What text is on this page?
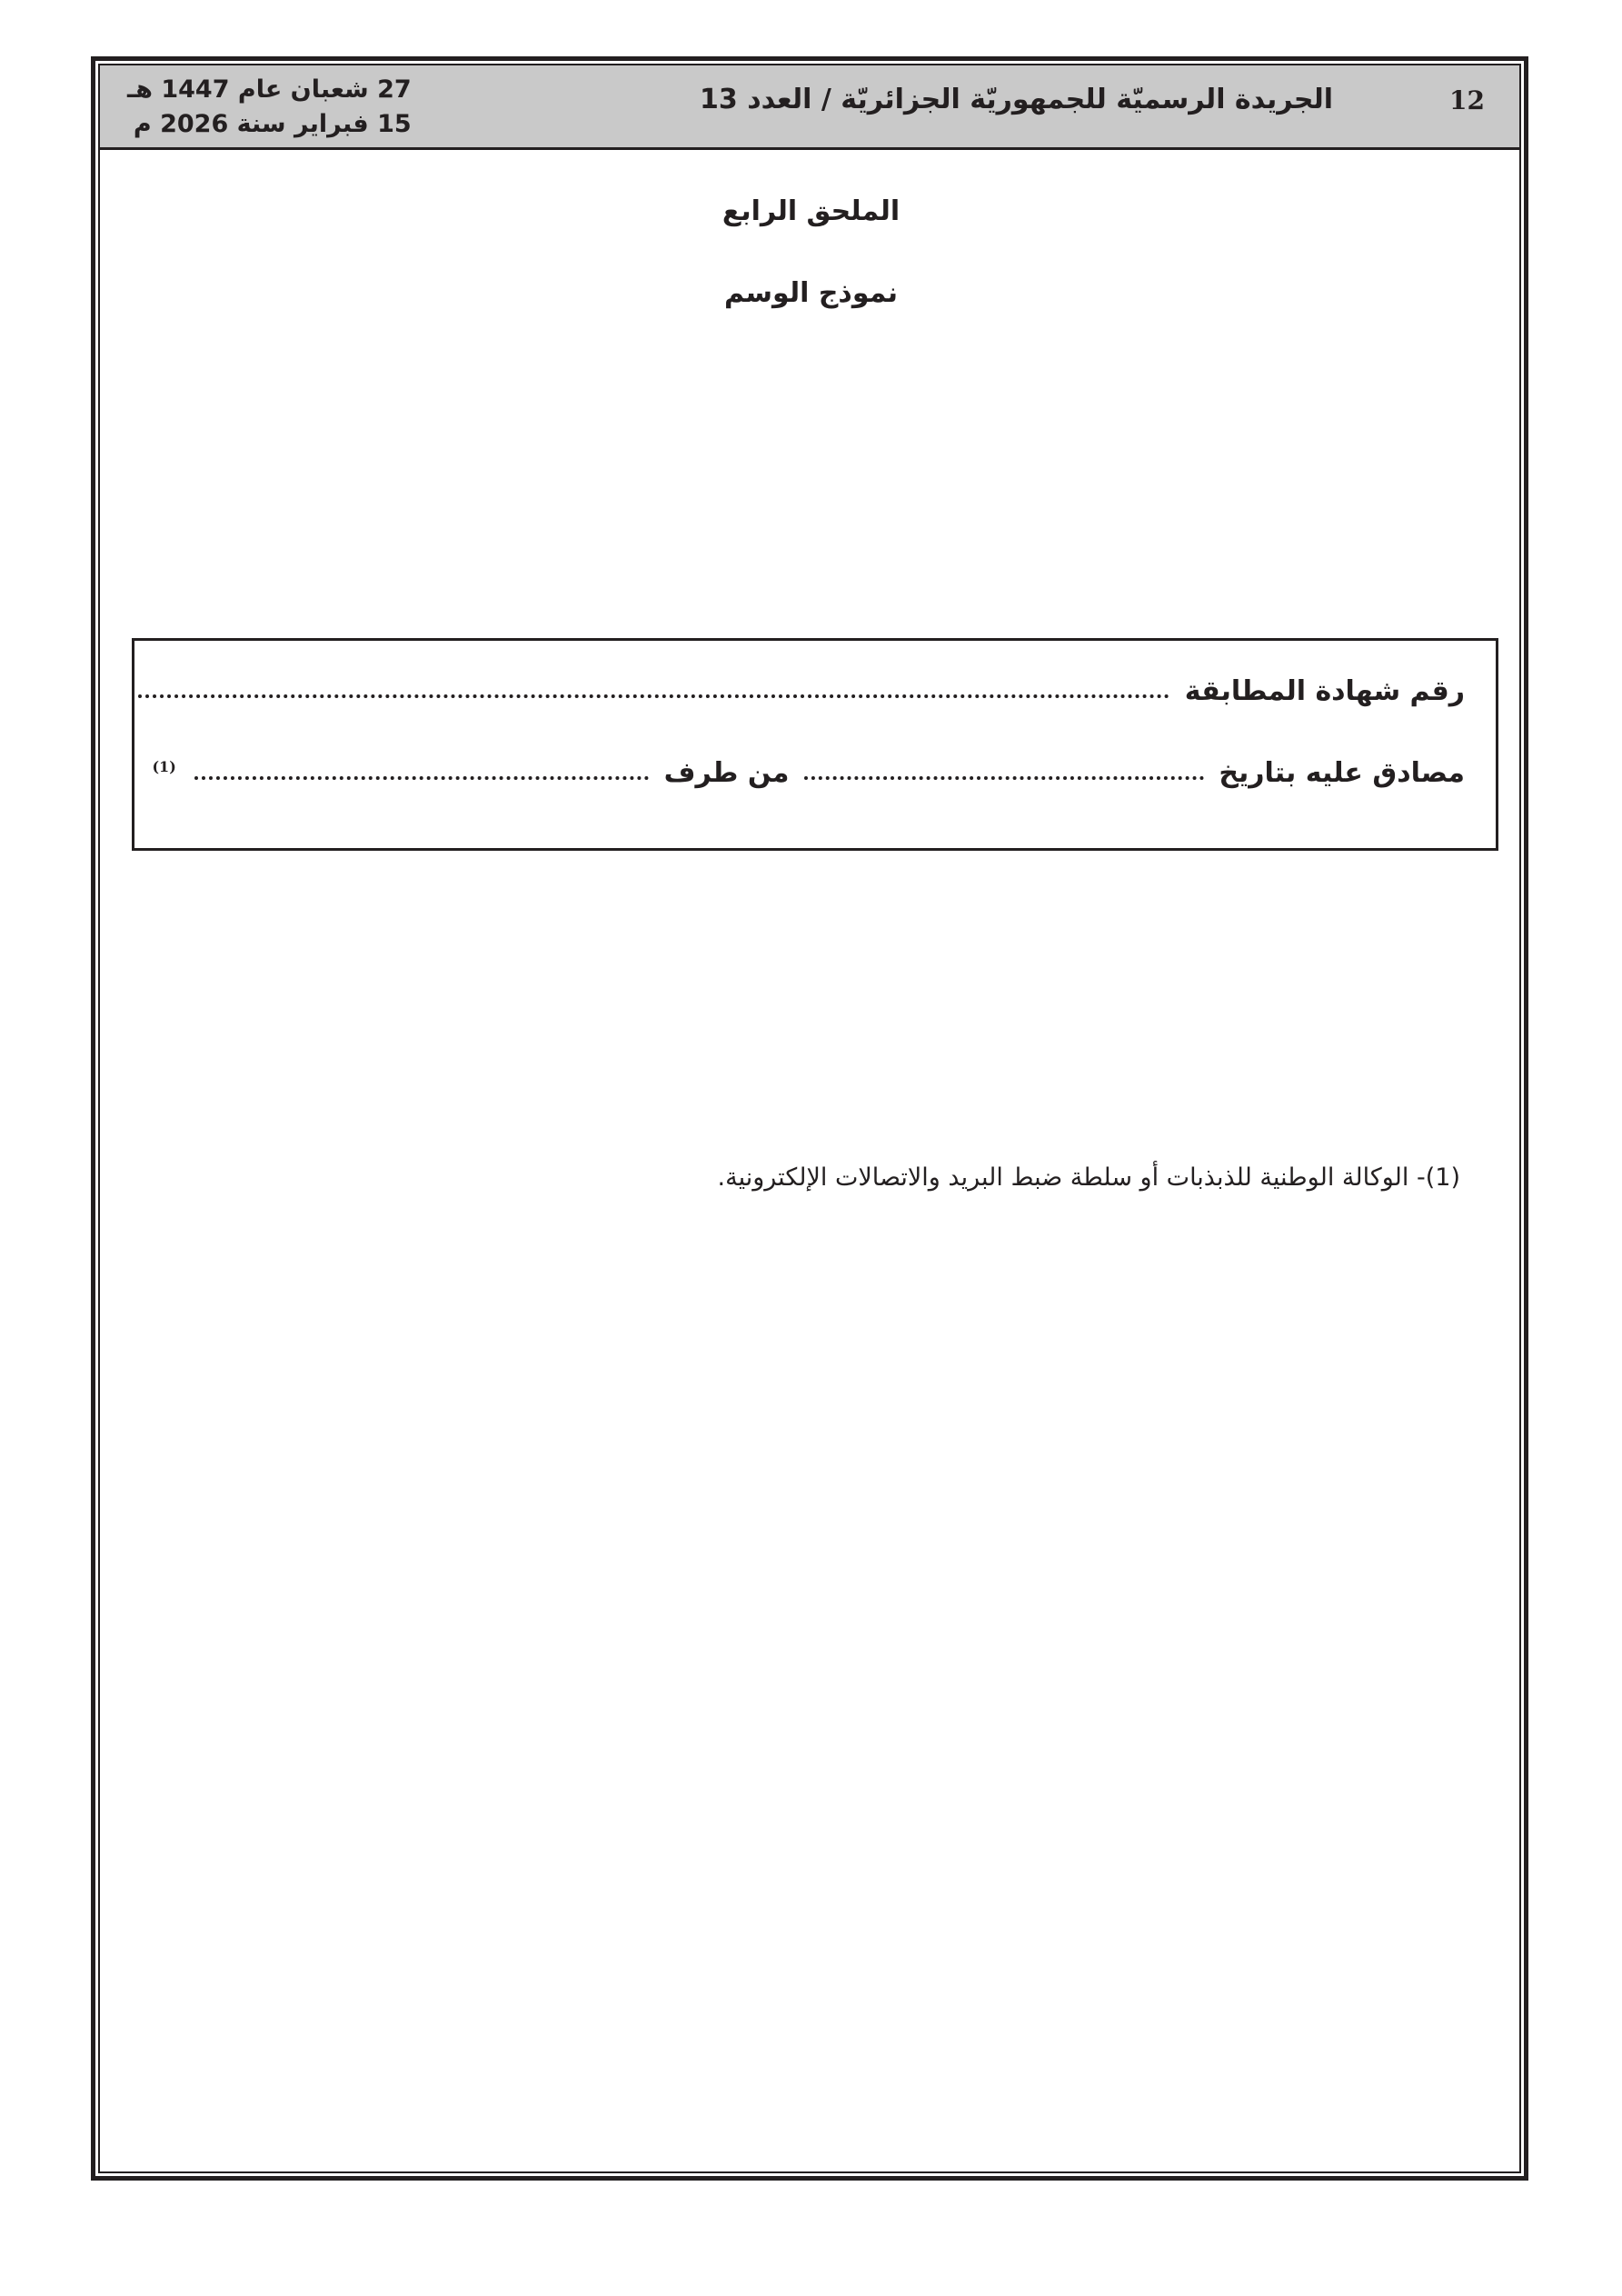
12
الجريدة الرسميّة للجمهوريّة الجزائريّة / العدد 13
27 شعبان عام 1447 هـ
15 فبراير سنة 2026 م
الملحق الرابع
نموذج الوسم
رقم شهادة المطابقة
مصادق عليه بتاريخ  من طرف  $^{(1)}$
(1)- الوكالة الوطنية للذبذبات أو سلطة ضبط البريد والاتصالات الإلكترونية.
